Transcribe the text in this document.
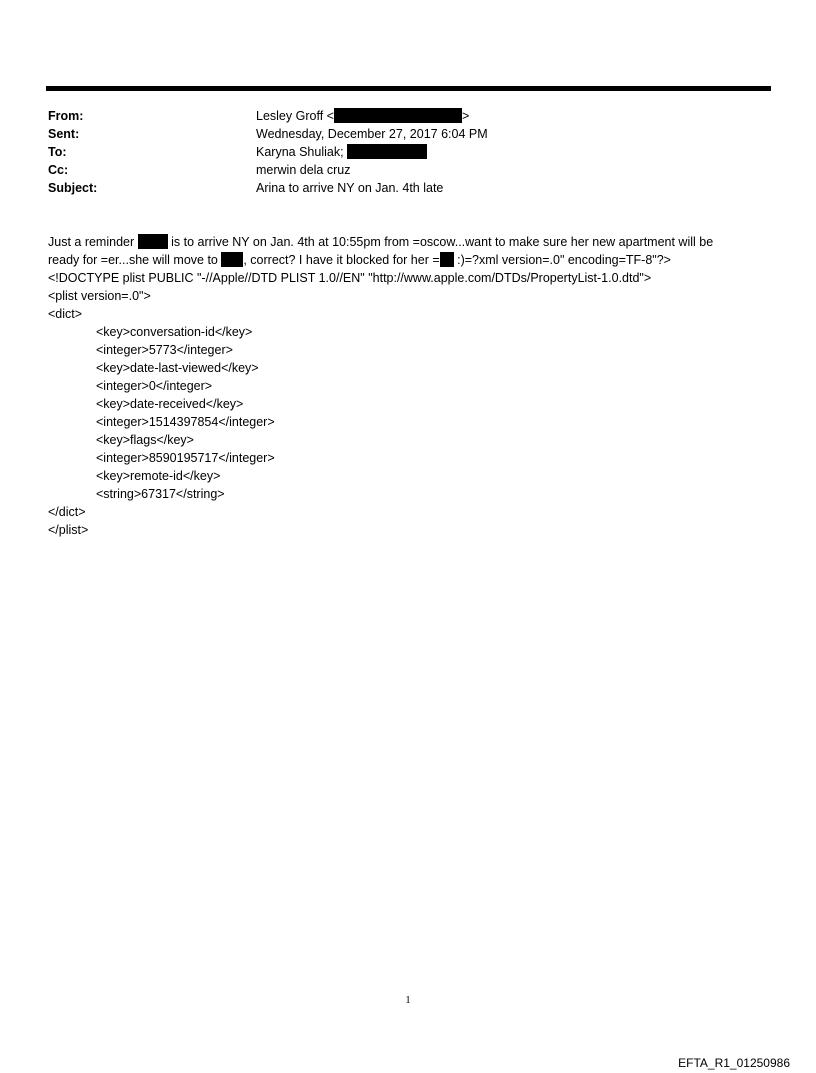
From:	Lesley Groff <	>
Sent:	Wednesday, December 27, 2017 6:04 PM
To:	Karyna Shuliak;
Cc:	merwin dela cruz
Subject:	Arina to arrive NY on Jan. 4th late
Just a reminder	is to arrive NY on Jan. 4th at 10:55pm from =oscow...want to make sure her new apartment will be
ready for =er...she will move to , correct? I have it blocked for her = :)=?xml version=.0" encoding=TF-8"?>
<!DOCTYPE plist PUBLIC "-//Apple//DTD PLIST 1.0//EN" "http://www.apple.com/DTDs/PropertyList-1.0.dtd">
<plist version=.0">
<dict>
<key>conversation-id</key>
<integer>5773</integer>
<key>date-last-viewed</key>
<integer>0</integer>
<key>date-received</key>
<integer>1514397854</integer>
<key>flags</key>
<integer>8590195717</integer>
<key>remote-id</key>
<string>67317</string>
</dict>
</plist>
1
EFTA_R1_01250986
